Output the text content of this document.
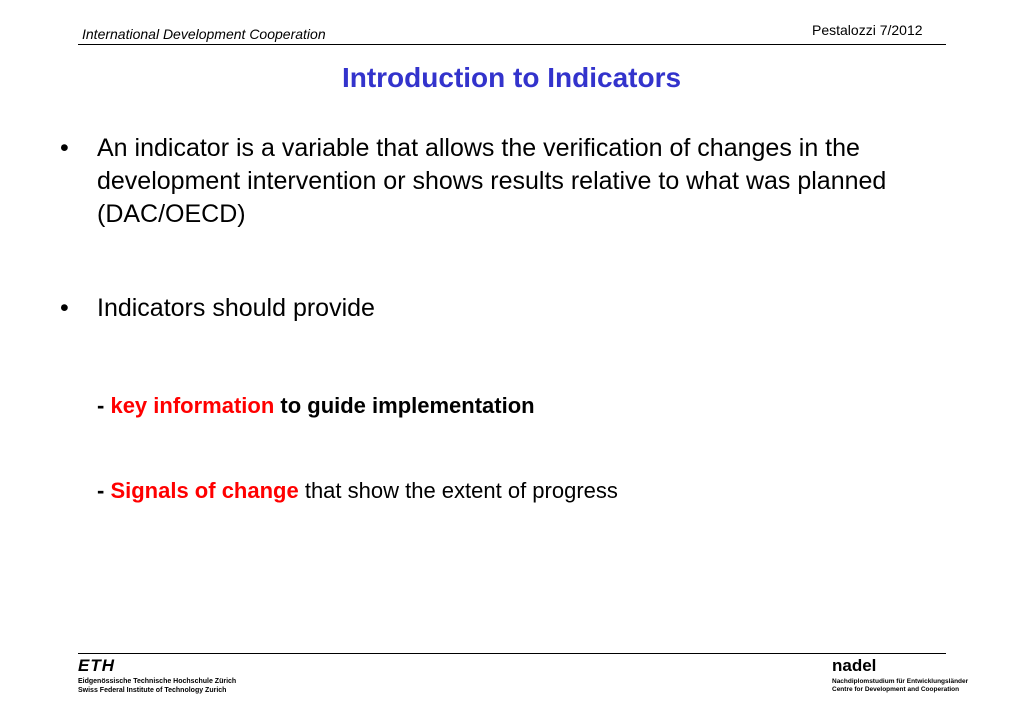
International Development Cooperation	Pestalozzi 7/2012
Introduction to Indicators
• An indicator is a variable that allows the verification of changes in the development intervention or shows results relative to what was planned (DAC/OECD)
• Indicators should provide
- key information to guide implementation
- Signals of change that show the extent of progress
ETH
Eidgenössische Technische Hochschule Zürich
Swiss Federal Institute of Technology Zurich
nadel
Nachdiplomstudium für Entwicklungsländer
Centre for Development and Cooperation
